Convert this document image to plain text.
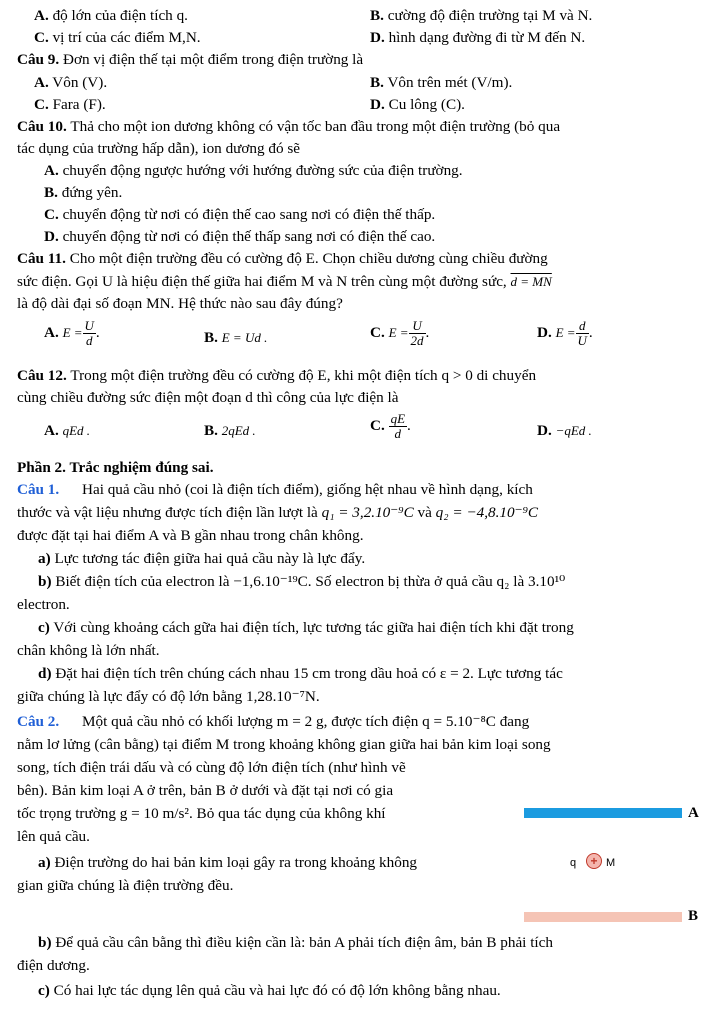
A. độ lớn của điện tích q.	B. cường độ điện trường tại M và N.
C. vị trí của các điểm M,N.	D. hình dạng đường đi từ M đến N.
Câu 9. Đơn vị điện thế tại một điểm trong điện trường là
A. Vôn (V).	B. Vôn trên mét (V/m).
C. Fara (F).	D. Cu lông (C).
Câu 10. Thả cho một ion dương không có vận tốc ban đầu trong một điện trường (bỏ qua
tác dụng của trường hấp dẫn), ion dương đó sẽ
A. chuyển động ngược hướng với hướng đường sức của điện trường.
B. đứng yên.
C. chuyển động từ nơi có điện thế cao sang nơi có điện thế thấp.
D. chuyển động từ nơi có điện thế thấp sang nơi có điện thế cao.
Câu 11. Cho một điện trường đều có cường độ E. Chọn chiều dương cùng chiều đường
sức điện. Gọi U là hiệu điện thế giữa hai điểm M và N trên cùng một đường sức, d = MN
là độ dài đại số đoạn MN. Hệ thức nào sau đây đúng?
A. $E = \frac{U}{d}$ .	B. E = Ud .	C. $E = \frac{U}{2d}$ .	D. $E = \frac{d}{U}$ .
Câu 12. Trong một điện trường đều có cường độ E, khi một điện tích q > 0 di chuyển
cùng chiều đường sức điện một đoạn d thì công của lực điện là
A. qEd .	B. 2qEd .	C. $\frac{qE}{d}$ .	D. −qEd .
Phần 2. Trắc nghiệm đúng sai.
Câu 1. Hai quả cầu nhỏ (coi là điện tích điểm), giống hệt nhau về hình dạng, kích
thước và vật liệu nhưng được tích điện lần lượt là q₁ = 3,2.10⁻⁹C và q₂ = −4,8.10⁻⁹C
được đặt tại hai điểm A và B gần nhau trong chân không.
a) Lực tương tác điện giữa hai quả cầu này là lực đẩy.
b) Biết điện tích của electron là −1,6.10⁻¹⁹C. Số electron bị thừa ở quả cầu q₂ là 3.10¹⁰
electron.
c) Với cùng khoảng cách gữa hai điện tích, lực tương tác giữa hai điện tích khi đặt trong
chân không là lớn nhất.
d) Đặt hai điện tích trên chúng cách nhau 15 cm trong dầu hoả có ε = 2. Lực tương tác
giữa chúng là lực đẩy có độ lớn bằng 1,28.10⁻⁷N.
Câu 2. Một quả cầu nhỏ có khối lượng m = 2 g, được tích điện q = 5.10⁻⁸C đang
nằm lơ lửng (cân bằng) tại điểm M trong khoảng không gian giữa hai bản kim loại song
song, tích điện trái dấu và có cùng độ lớn điện tích (như hình vẽ
bên). Bản kim loại A ở trên, bản B ở dưới và đặt tại nơi có gia
tốc trọng trường g = 10 m/s². Bỏ qua tác dụng của không khí
lên quả cầu.
a) Điện trường do hai bản kim loại gây ra trong khoảng không
gian giữa chúng là điện trường đều.
b) Để quả cầu cân bằng thì điều kiện cần là: bản A phải tích điện âm, bản B phải tích
điện dương.
c) Có hai lực tác dụng lên quả cầu và hai lực đó có độ lớn không bằng nhau.
A
q	+ M
B
